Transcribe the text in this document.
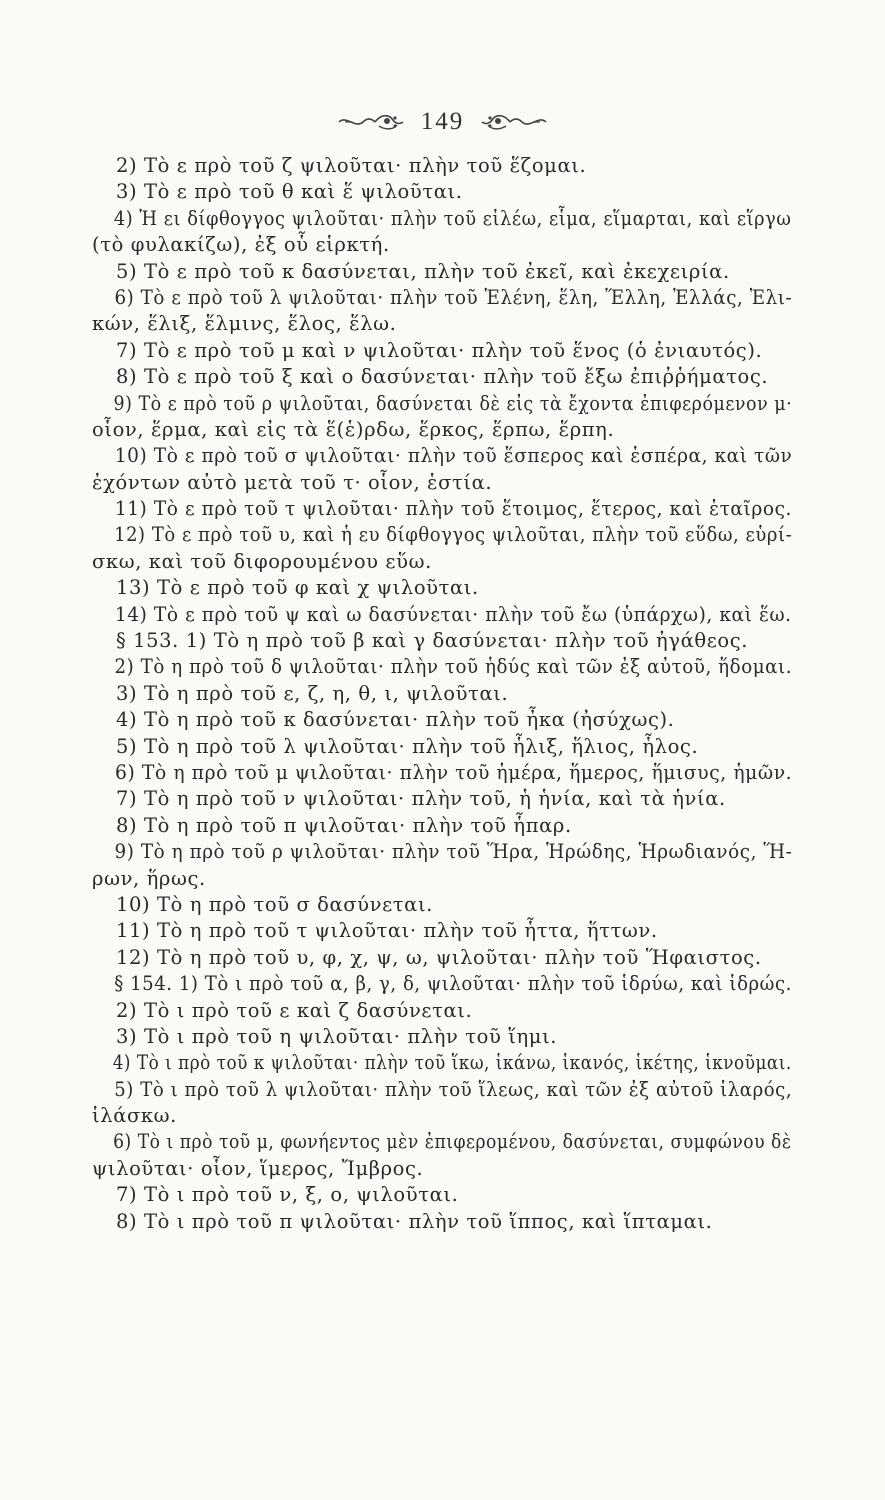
149
2) Τὸ ε πρὸ τοῦ ζ ψιλοῦται· πλὴν τοῦ ἕζομαι.
3) Τὸ ε πρὸ τοῦ θ καὶ ἕ ψιλοῦται.
4) Ἡ ει δίφθογγος ψιλοῦται· πλὴν τοῦ εἱλέω, εἷμα, εἵμαρται, καὶ εἵργω
(τὸ φυλακίζω), ἐξ οὗ εἱρκτή.
5) Τὸ ε πρὸ τοῦ κ δασύνεται, πλὴν τοῦ ἐκεῖ, καὶ ἐκεχειρία.
6) Τὸ ε πρὸ τοῦ λ ψιλοῦται· πλὴν τοῦ Ἑλένη, ἕλη, Ἕλλη, Ἑλλάς, Ἑλι-
κών, ἕλιξ, ἕλμινς, ἕλος, ἕλω.
7) Τὸ ε πρὸ τοῦ μ καὶ ν ψιλοῦται· πλὴν τοῦ ἕνος (ὁ ἐνιαυτός).
8) Τὸ ε πρὸ τοῦ ξ καὶ ο δασύνεται· πλὴν τοῦ ἔξω ἐπιῤῥήματος.
9) Τὸ ε πρὸ τοῦ ρ ψιλοῦται, δασύνεται δὲ εἰς τὰ ἔχοντα ἐπιφερόμενον μ·
οἷον, ἕρμα, καὶ εἰς τὰ ἕ(ἑ)ρδω, ἕρκος, ἕρπω, ἕρπη.
10) Τὸ ε πρὸ τοῦ σ ψιλοῦται· πλὴν τοῦ ἕσπερος καὶ ἑσπέρα, καὶ τῶν
ἐχόντων αὐτὸ μετὰ τοῦ τ· οἷον, ἑστία.
11) Τὸ ε πρὸ τοῦ τ ψιλοῦται· πλὴν τοῦ ἕτοιμος, ἕτερος, καὶ ἑταῖρος.
12) Τὸ ε πρὸ τοῦ υ, καὶ ἡ ευ δίφθογγος ψιλοῦται, πλὴν τοῦ εὕδω, εὑρί-
σκω, καὶ τοῦ διφορουμένου εὕω.
13) Τὸ ε πρὸ τοῦ φ καὶ χ ψιλοῦται.
14) Τὸ ε πρὸ τοῦ ψ καὶ ω δασύνεται· πλὴν τοῦ ἔω (ὑπάρχω), καὶ ἕω.
§ 153. 1) Τὸ η πρὸ τοῦ β καὶ γ δασύνεται· πλὴν τοῦ ἠγάθεος.
2) Τὸ η πρὸ τοῦ δ ψιλοῦται· πλὴν τοῦ ἡδύς καὶ τῶν ἐξ αὐτοῦ, ἥδομαι.
3) Τὸ η πρὸ τοῦ ε, ζ, η, θ, ι, ψιλοῦται.
4) Τὸ η πρὸ τοῦ κ δασύνεται· πλὴν τοῦ ἦκα (ἠσύχως).
5) Τὸ η πρὸ τοῦ λ ψιλοῦται· πλὴν τοῦ ἧλιξ, ἥλιος, ἧλος.
6) Τὸ η πρὸ τοῦ μ ψιλοῦται· πλὴν τοῦ ἡμέρα, ἥμερος, ἥμισυς, ἡμῶν.
7) Τὸ η πρὸ τοῦ ν ψιλοῦται· πλὴν τοῦ, ἡ ἡνία, καὶ τὰ ἡνία.
8) Τὸ η πρὸ τοῦ π ψιλοῦται· πλὴν τοῦ ἧπαρ.
9) Τὸ η πρὸ τοῦ ρ ψιλοῦται· πλὴν τοῦ Ἥρα, Ἡρώδης, Ἡρωδιανός, Ἥ-
ρων, ἥρως.
10) Τὸ η πρὸ τοῦ σ δασύνεται.
11) Τὸ η πρὸ τοῦ τ ψιλοῦται· πλὴν τοῦ ἧττα, ἥττων.
12) Τὸ η πρὸ τοῦ υ, φ, χ, ψ, ω, ψιλοῦται· πλὴν τοῦ Ἥφαιστος.
§ 154. 1) Τὸ ι πρὸ τοῦ α, β, γ, δ, ψιλοῦται· πλὴν τοῦ ἱδρύω, καὶ ἱδρώς.
2) Τὸ ι πρὸ τοῦ ε καὶ ζ δασύνεται.
3) Τὸ ι πρὸ τοῦ η ψιλοῦται· πλὴν τοῦ ἵημι.
4) Τὸ ι πρὸ τοῦ κ ψιλοῦται· πλὴν τοῦ ἵκω, ἱκάνω, ἱκανός, ἱκέτης, ἱκνοῦμαι.
5) Τὸ ι πρὸ τοῦ λ ψιλοῦται· πλὴν τοῦ ἵλεως, καὶ τῶν ἐξ αὐτοῦ ἱλαρός,
ἱλάσκω.
6) Τὸ ι πρὸ τοῦ μ, φωνήεντος μὲν ἐπιφερομένου, δασύνεται, συμφώνου δὲ
ψιλοῦται· οἷον, ἵμερος, Ἴμβρος.
7) Τὸ ι πρὸ τοῦ ν, ξ, ο, ψιλοῦται.
8) Τὸ ι πρὸ τοῦ π ψιλοῦται· πλὴν τοῦ ἵππος, καὶ ἵπταμαι.
